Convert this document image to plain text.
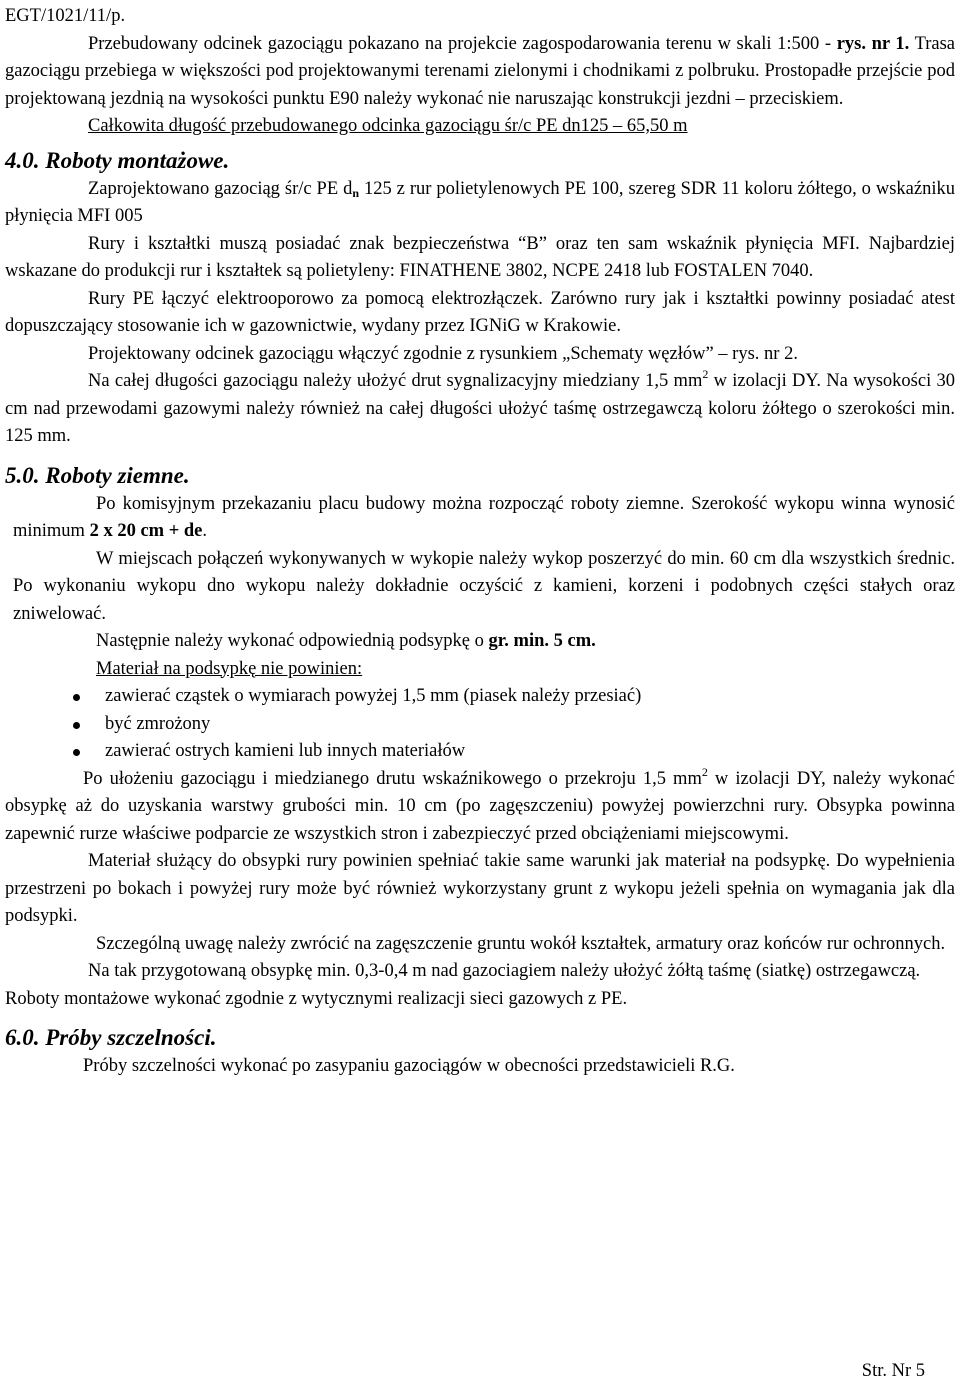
EGT/1021/11/p.

Przebudowany odcinek gazociągu pokazano na projekcie zagospodarowania terenu w skali 1:500 - rys. nr 1. Trasa gazociągu przebiega w większości pod projektowanymi terenami zielonymi i chodnikami z polbruku. Prostopadłe przejście pod projektowaną jezdnią na wysokości punktu E90 należy wykonać nie naruszając konstrukcji jezdni – przeciskiem.

Całkowita długość przebudowanego odcinka gazociągu śr/c PE dn125 – 65,50 m

4.0. Roboty montażowe.

Zaprojektowano gazociąg śr/c PE $d_n$ 125 z rur polietylenowych PE 100, szereg SDR 11 koloru żółtego, o wskaźniku płynięcia MFI 005

Rury i kształtki muszą posiadać znak bezpieczeństwa “B” oraz ten sam wskaźnik płynięcia MFI. Najbardziej wskazane do produkcji rur i kształtek są polietyleny: FINATHENE 3802, NCPE 2418 lub FOSTALEN 7040.

Rury PE łączyć elektrooporowo za pomocą elektrozłączek. Zarówno rury jak i kształtki powinny posiadać atest dopuszczający stosowanie ich w gazownictwie, wydany przez IGNiG w Krakowie.

Projektowany odcinek gazociągu włączyć zgodnie z rysunkiem „Schematy węzłów” – rys. nr 2.

Na całej długości gazociągu należy ułożyć drut sygnalizacyjny miedziany 1,5 $mm^2$ w izolacji DY. Na wysokości 30 cm nad przewodami gazowymi należy również na całej długości ułożyć taśmę ostrzegawczą koloru żółtego o szerokości min. 125 mm.

5.0. Roboty ziemne.

Po komisyjnym przekazaniu placu budowy można rozpocząć roboty ziemne. Szerokość wykopu winna wynosić minimum 2 x 20 cm + de.

W miejscach połączeń wykonywanych w wykopie należy wykop poszerzyć do min. 60 cm dla wszystkich średnic. Po wykonaniu wykopu dno wykopu należy dokładnie oczyścić z kamieni, korzeni i podobnych części stałych oraz zniwelować.

Następnie należy wykonać odpowiednią podsypkę o gr. min. 5 cm.

Materiał na podsypkę nie powinien:

zawierać cząstek o wymiarach powyżej 1,5 mm (piasek należy przesiać)
być zmrożony
zawierać ostrych kamieni lub innych materiałów

Po ułożeniu gazociągu i miedzianego drutu wskaźnikowego o przekroju 1,5 $mm^2$ w izolacji DY, należy wykonać obsypkę aż do uzyskania warstwy grubości min. 10 cm (po zagęszczeniu) powyżej powierzchni rury. Obsypka powinna zapewnić rurze właściwe podparcie ze wszystkich stron i zabezpieczyć przed obciążeniami miejscowymi.

Materiał służący do obsypki rury powinien spełniać takie same warunki jak materiał na podsypkę. Do wypełnienia przestrzeni po bokach i powyżej rury może być również wykorzystany grunt z wykopu jeżeli spełnia on wymagania jak dla podsypki.

Szczególną uwagę należy zwrócić na zagęszczenie gruntu wokół kształtek, armatury oraz końców rur ochronnych.

Na tak przygotowaną obsypkę min. 0,3-0,4 m nad gazociagiem należy ułożyć żółtą taśmę (siatkę) ostrzegawczą.

Roboty montażowe wykonać zgodnie z wytycznymi realizacji sieci gazowych z PE.

6.0. Próby szczelności.

Próby szczelności wykonać po zasypaniu gazociągów w obecności przedstawicieli R.G.

Str. Nr 5
